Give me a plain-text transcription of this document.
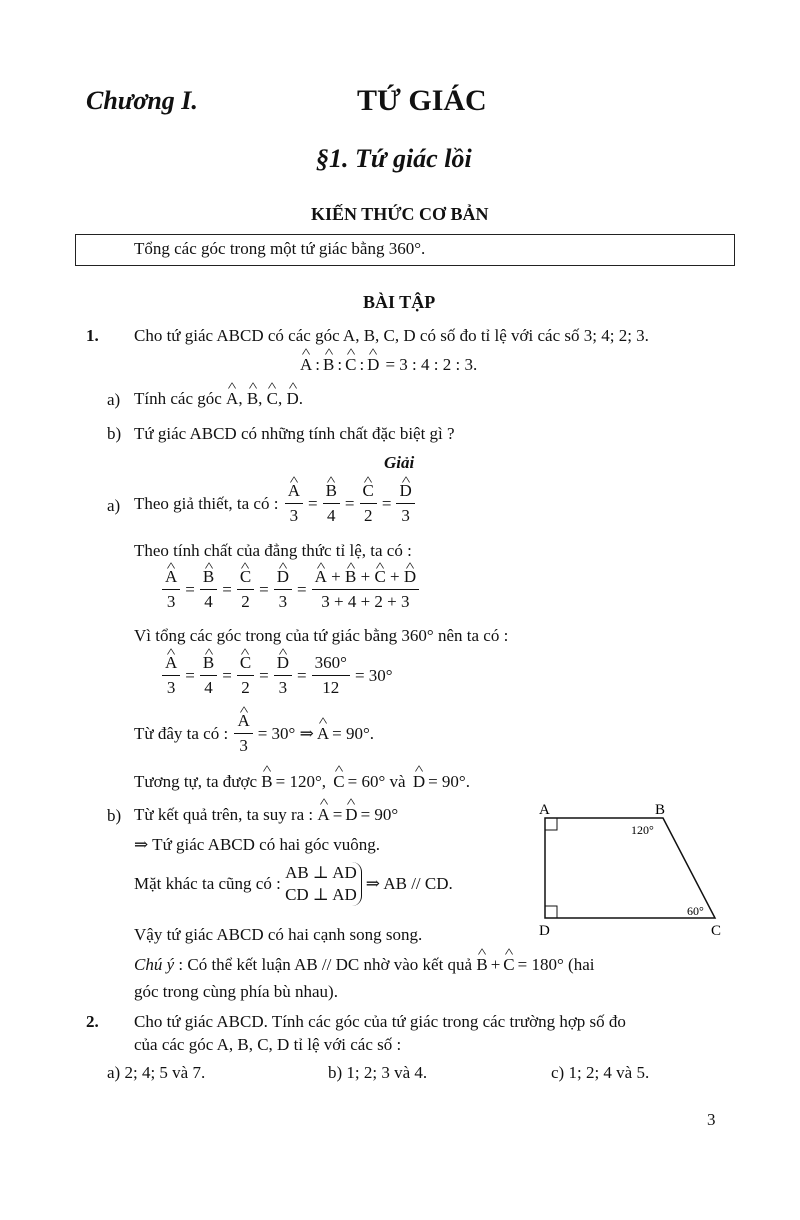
Chương I.	TỨ GIÁC
§1. Tứ giác lồi
KIẾN THỨC CƠ BẢN
Tổng các góc trong một tứ giác bằng 360°.
BÀI TẬP
1. Cho tứ giác ABCD có các góc A, B, C, D có số đo tỉ lệ với các số 3; 4; 2; 3.
^ A : ^ B : ^ C : ^ D = 3 : 4 : 2 : 3.
a) Tính các góc
^ A ,
^ B ,
^ C ,
^ D .
b) Tứ giác ABCD có những tính chất đặc biệt gì ?
Giải
a) Theo giả thiết, ta có :
^ $\frac{A}{3}$ = ^ $\frac{B}{4}$ = ^ $\frac{C}{2}$ = ^ $\frac{D}{3}$
Theo tính chất của đẳng thức tỉ lệ, ta có :
^ $\frac{A}{3}$ = ^ $\frac{B}{4}$ = ^ $\frac{C}{2}$ = ^ $\frac{D}{3}$ = ^ $\frac{A + \^{} B + \^{} C + \^{} D}{3 + 4 + 2 + 3}$
Vì tổng các góc trong của tứ giác bằng 360° nên ta có :
^ $\frac{A}{3}$ = ^ $\frac{B}{4}$ = ^ $\frac{C}{2}$ = ^ $\frac{D}{3} = \frac{360^\circ}{12} = 30^\circ$
Từ đây ta có :
^ $\frac{A}{3} = 30^\circ$ ⇒ ^ A = 90°.
Tương tự, ta được
^ B = 120°,
^ C = 60° và
^ D = 90°.
b) Từ kết quả trên, ta suy ra :
^ A = ^ D = 90°
⇒ Tứ giác ABCD có hai góc vuông.
Mặt khác ta cũng có :

AB ⊥ AD
CD ⊥ AD
⇒ AB // CD.
Vậy tứ giác ABCD có hai cạnh song song.
Chú ý
: Có thể kết luận AB // DC nhờ vào kết quả
^ B + ^ C = 180° (hai
góc trong cùng phía bù nhau).
A	B
C
D
120°
60°
2. Cho tứ giác ABCD. Tính các góc của tứ giác trong các trường hợp số đo
của các góc A, B, C, D tỉ lệ với các số :
a) 2; 4; 5 và 7.	b) 1; 2; 3 và 4.	c) 1; 2; 4 và 5.
3
